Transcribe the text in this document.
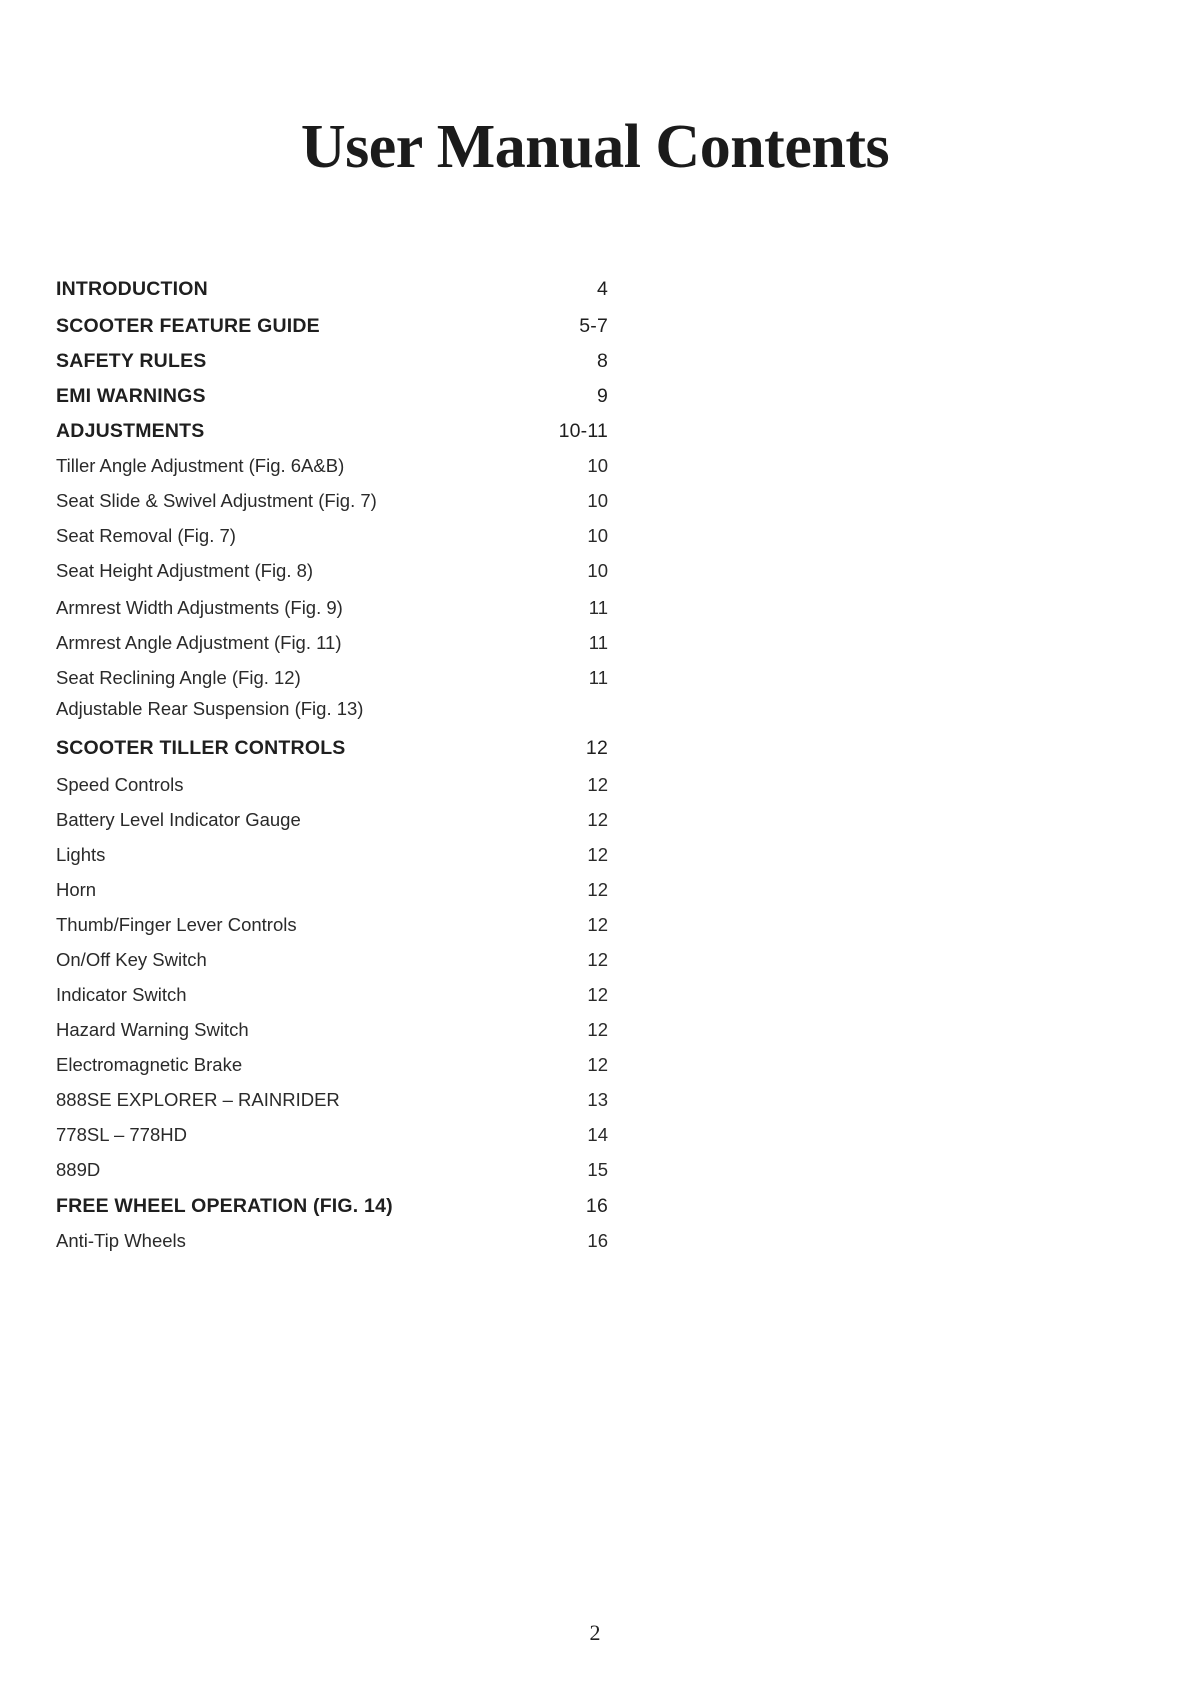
User Manual Contents
INTRODUCTION	4
SCOOTER FEATURE GUIDE	5-7
SAFETY RULES	8
EMI WARNINGS	9
ADJUSTMENTS	10-11
Tiller Angle Adjustment (Fig. 6A&B)	10
Seat Slide & Swivel Adjustment (Fig. 7)	10
Seat Removal (Fig. 7)	10
Seat Height Adjustment (Fig. 8)	10
Armrest Width Adjustments (Fig. 9)	11
Armrest Angle Adjustment (Fig. 11)	11
Seat Reclining Angle (Fig. 12)	11
Adjustable Rear Suspension (Fig. 13)
SCOOTER TILLER CONTROLS	12
Speed Controls	12
Battery Level Indicator Gauge	12
Lights	12
Horn	12
Thumb/Finger Lever Controls	12
On/Off Key Switch	12
Indicator Switch	12
Hazard Warning Switch	12
Electromagnetic Brake	12
888SE EXPLORER – RAINRIDER	13
778SL – 778HD	14
889D	15
FREE WHEEL OPERATION (FIG. 14)	16
Anti-Tip Wheels	16
2
